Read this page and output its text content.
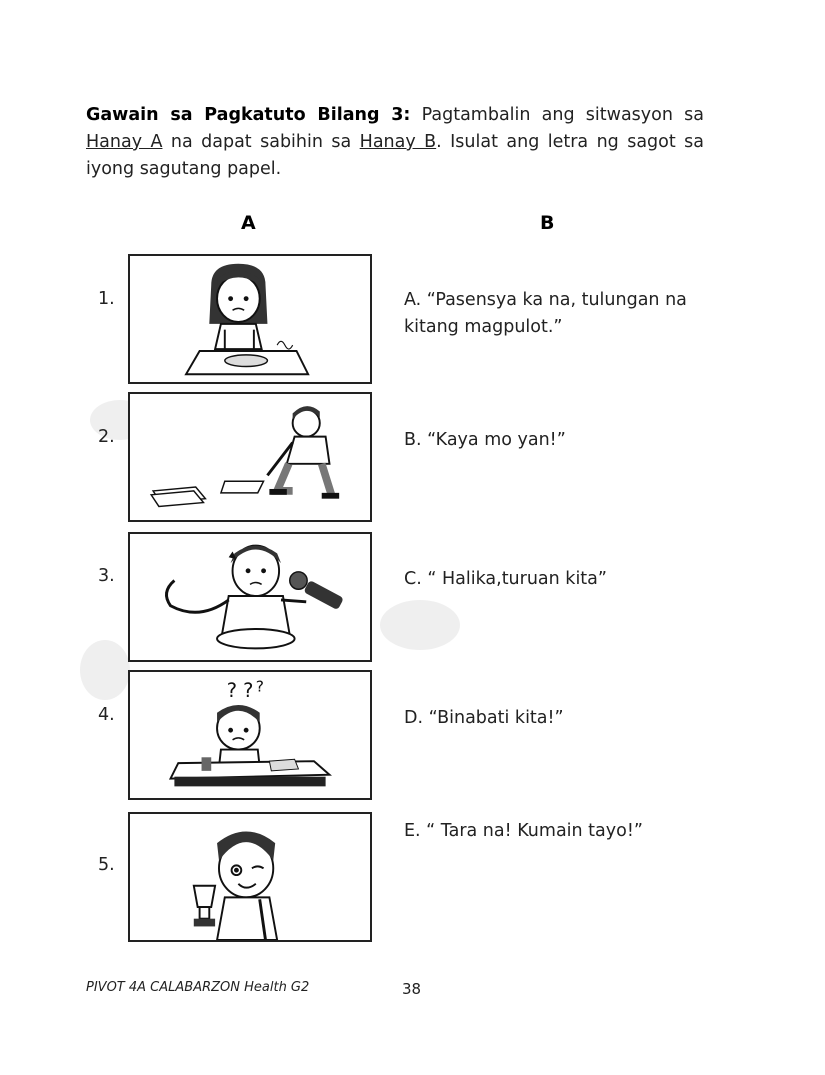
Gawain sa Pagkatuto Bilang 3: Pagtambalin ang sitwasyon sa Hanay A na dapat sabihin sa Hanay B. Isulat ang letra ng sagot sa iyong sagutang papel.
A	B
1.
2.
3.
4.
5.
? ? ?
A. “Pasensya ka na, tulungan na kitang magpulot.”
B. “Kaya mo yan!”
C. “ Halika,turuan kita”
D. “Binabati kita!”
E. “ Tara na! Kumain tayo!”
PIVOT 4A CALABARZON Health G2	38
